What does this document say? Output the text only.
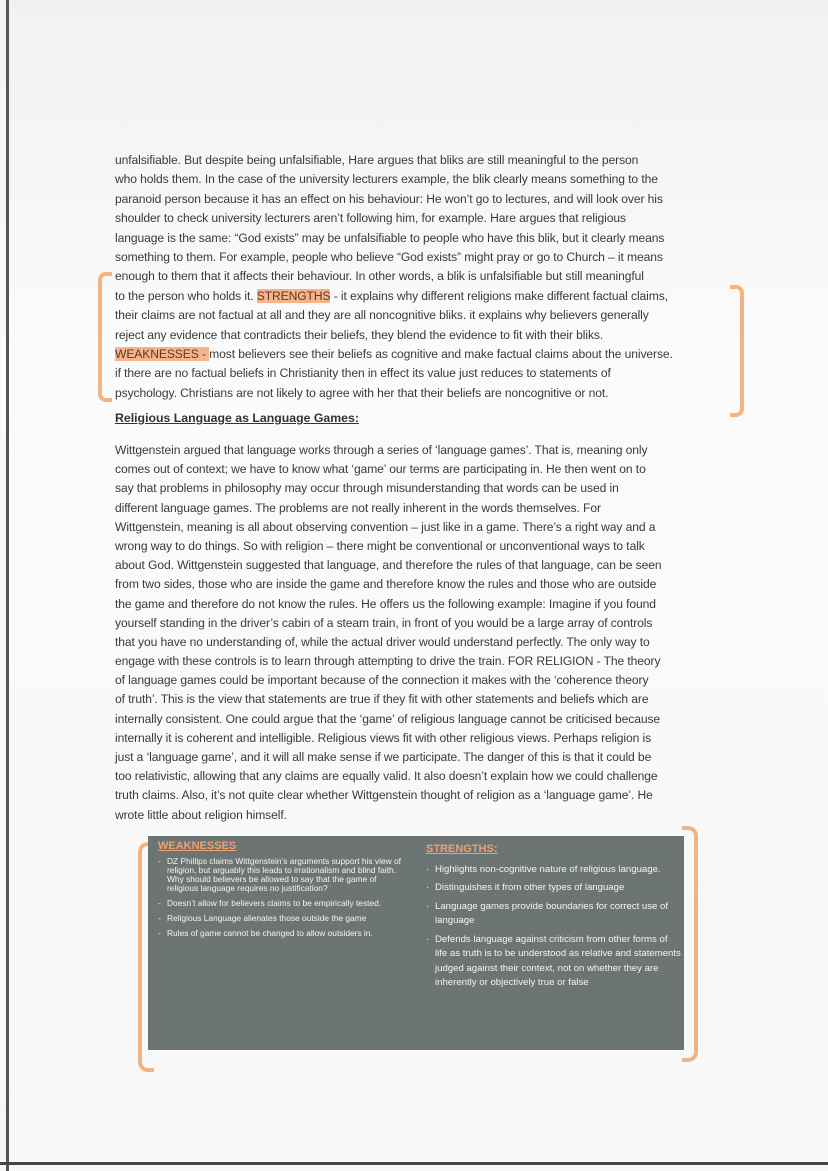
unfalsifiable. But despite being unfalsifiable, Hare argues that bliks are still meaningful to the person
who holds them. In the case of the university lecturers example, the blik clearly means something to the
paranoid person because it has an effect on his behaviour: He won’t go to lectures, and will look over his
shoulder to check university lecturers aren’t following him, for example. Hare argues that religious
language is the same: “God exists” may be unfalsifiable to people who have this blik, but it clearly means
something to them. For example, people who believe “God exists” might pray or go to Church – it means
enough to them that it affects their behaviour. In other words, a blik is unfalsifiable but still meaningful
to the person who holds it. STRENGTHS - it explains why different religions make different factual claims,
their claims are not factual at all and they are all noncognitive bliks. it explains why believers generally
reject any evidence that contradicts their beliefs, they blend the evidence to fit with their bliks.
WEAKNESSES - most believers see their beliefs as cognitive and make factual claims about the universe.
if there are no factual beliefs in Christianity then in effect its value just reduces to statements of
psychology. Christians are not likely to agree with her that their beliefs are noncognitive or not.
Religious Language as Language Games:
Wittgenstein argued that language works through a series of ‘language games’. That is, meaning only
comes out of context; we have to know what ‘game’ our terms are participating in. He then went on to
say that problems in philosophy may occur through misunderstanding that words can be used in
different language games. The problems are not really inherent in the words themselves. For
Wittgenstein, meaning is all about observing convention – just like in a game. There’s a right way and a
wrong way to do things. So with religion – there might be conventional or unconventional ways to talk
about God. Wittgenstein suggested that language, and therefore the rules of that language, can be seen
from two sides, those who are inside the game and therefore know the rules and those who are outside
the game and therefore do not know the rules. He offers us the following example: Imagine if you found
yourself standing in the driver’s cabin of a steam train, in front of you would be a large array of controls
that you have no understanding of, while the actual driver would understand perfectly. The only way to
engage with these controls is to learn through attempting to drive the train. FOR RELIGION - The theory
of language games could be important because of the connection it makes with the ‘coherence theory
of truth’. This is the view that statements are true if they fit with other statements and beliefs which are
internally consistent. One could argue that the ‘game’ of religious language cannot be criticised because
internally it is coherent and intelligible. Religious views fit with other religious views. Perhaps religion is
just a ‘language game’, and it will all make sense if we participate. The danger of this is that it could be
too relativistic, allowing that any claims are equally valid. It also doesn’t explain how we could challenge
truth claims. Also, it’s not quite clear whether Wittgenstein thought of religion as a ‘language game’. He
wrote little about religion himself.
WEAKNESSES
- DZ Phillips claims Wittgenstein’s arguments support his view of religion, but arguably this leads to irrationalism and blind faith. Why should believers be allowed to say that the game of religious language requires no justification?
- Doesn’t allow for believers claims to be empirically tested.
- Religious Language alienates those outside the game
- Rules of game cannot be changed to allow outsiders in.
STRENGTHS:
· Highlights non-cognitive nature of religious language.
· Distinguishes it from other types of language
· Language games provide boundaries for correct use of language
· Defends language against criticism from other forms of life as truth is to be understood as relative and statements judged against their context, not on whether they are inherently or objectively true or false
